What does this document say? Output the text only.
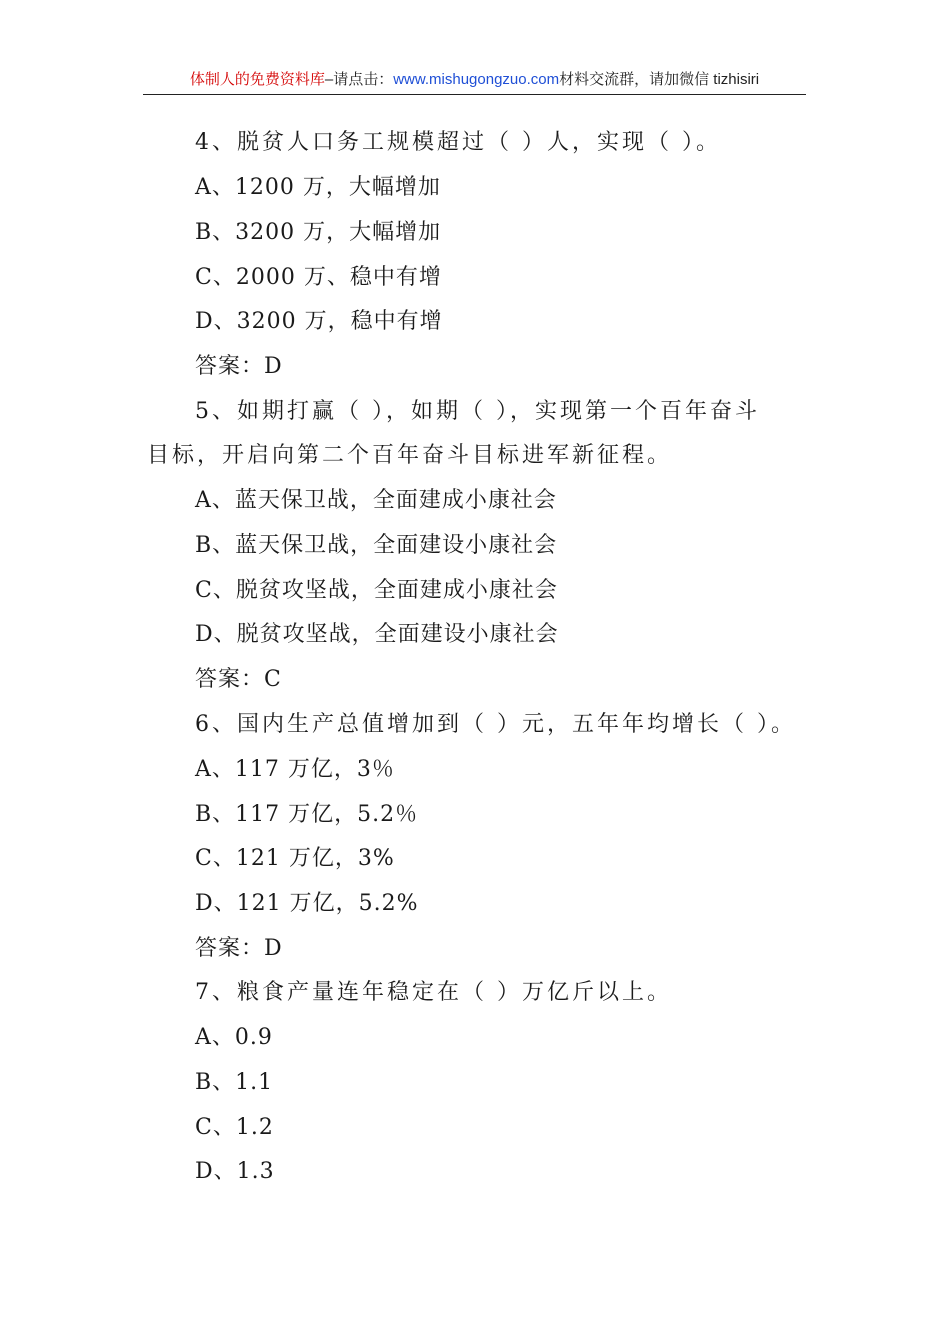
体制人的免费资料库–请点击：www.mishugongzuo.com材料交流群，请加微信 tizhisiri
4、脱贫人口务工规模超过（ ）人，实现（ ）。
A、1200 万，大幅增加
B、3200 万，大幅增加
C、2000 万、稳中有增
D、3200 万，稳中有增
答案：D
5、如期打赢（ ），如期（ ），实现第一个百年奋斗
目标，开启向第二个百年奋斗目标进军新征程。
A、蓝天保卫战，全面建成小康社会
B、蓝天保卫战，全面建设小康社会
C、脱贫攻坚战，全面建成小康社会
D、脱贫攻坚战，全面建设小康社会
答案：C
6、国内生产总值增加到（ ）元，五年年均增长（ ）。
A、117 万亿，3％
B、117 万亿，5.2％
C、121 万亿，3%
D、121 万亿，5.2%
答案：D
7、粮食产量连年稳定在（ ）万亿斤以上。
A、0.9
B、1.1
C、1.2
D、1.3
